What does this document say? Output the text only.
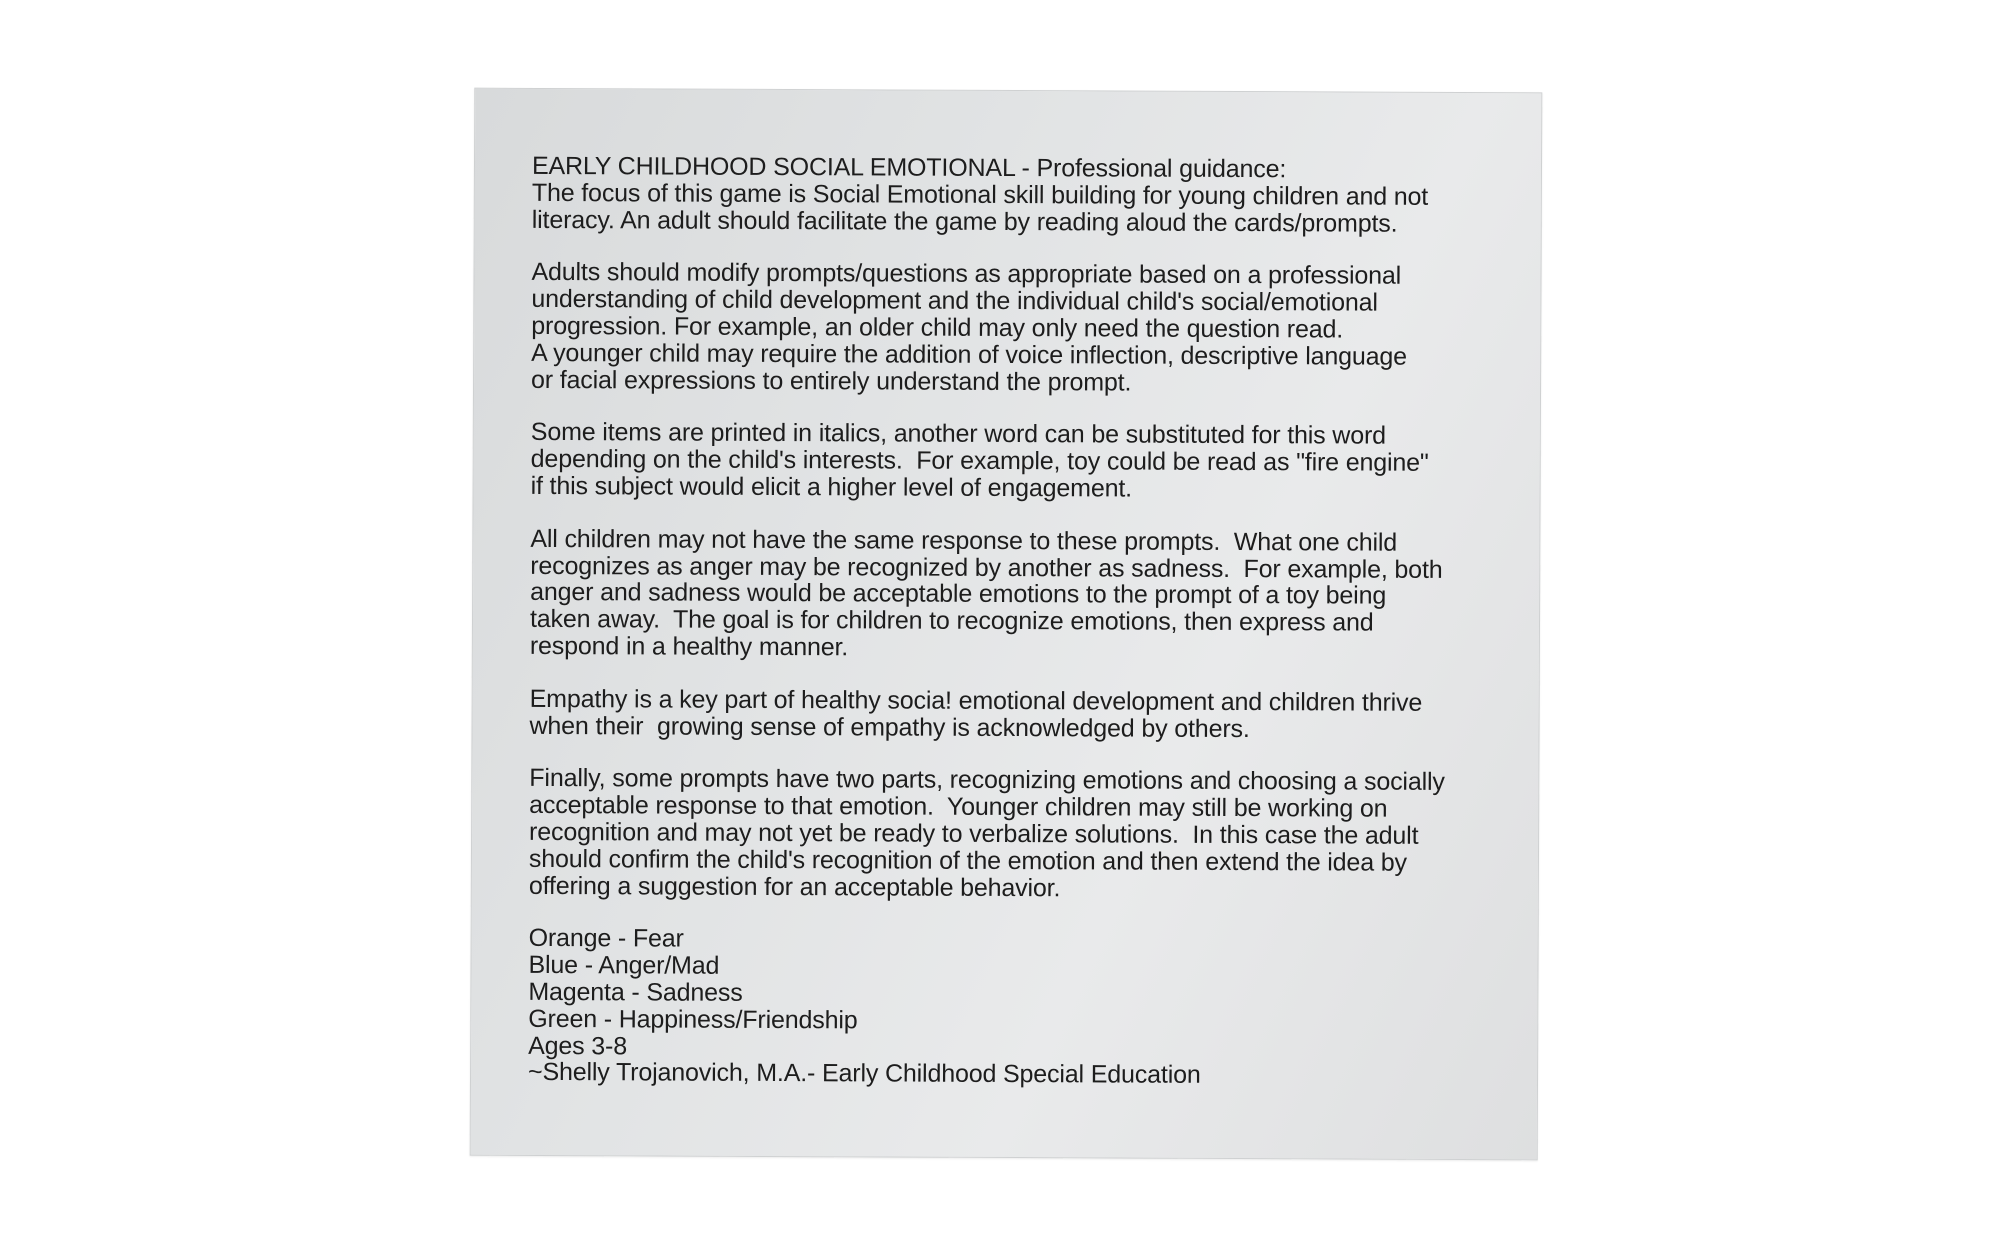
EARLY CHILDHOOD SOCIAL EMOTIONAL - Professional guidance:
The focus of this game is Social Emotional skill building for young children and not
literacy. An adult should facilitate the game by reading aloud the cards/prompts.
Adults should modify prompts/questions as appropriate based on a professional
understanding of child development and the individual child's social/emotional
progression. For example, an older child may only need the question read.
A younger child may require the addition of voice inflection, descriptive language
or facial expressions to entirely understand the prompt.
Some items are printed in italics, another word can be substituted for this word
depending on the child's interests.  For example, toy could be read as "fire engine"
if this subject would elicit a higher level of engagement.
All children may not have the same response to these prompts.  What one child
recognizes as anger may be recognized by another as sadness.  For example, both
anger and sadness would be acceptable emotions to the prompt of a toy being
taken away.  The goal is for children to recognize emotions, then express and
respond in a healthy manner.
Empathy is a key part of healthy socia! emotional development and children thrive
when their  growing sense of empathy is acknowledged by others.
Finally, some prompts have two parts, recognizing emotions and choosing a socially
acceptable response to that emotion.  Younger children may still be working on
recognition and may not yet be ready to verbalize solutions.  In this case the adult
should confirm the child's recognition of the emotion and then extend the idea by
offering a suggestion for an acceptable behavior.
Orange - Fear
Blue - Anger/Mad
Magenta - Sadness
Green - Happiness/Friendship
Ages 3-8
~Shelly Trojanovich, M.A.- Early Childhood Special Education
